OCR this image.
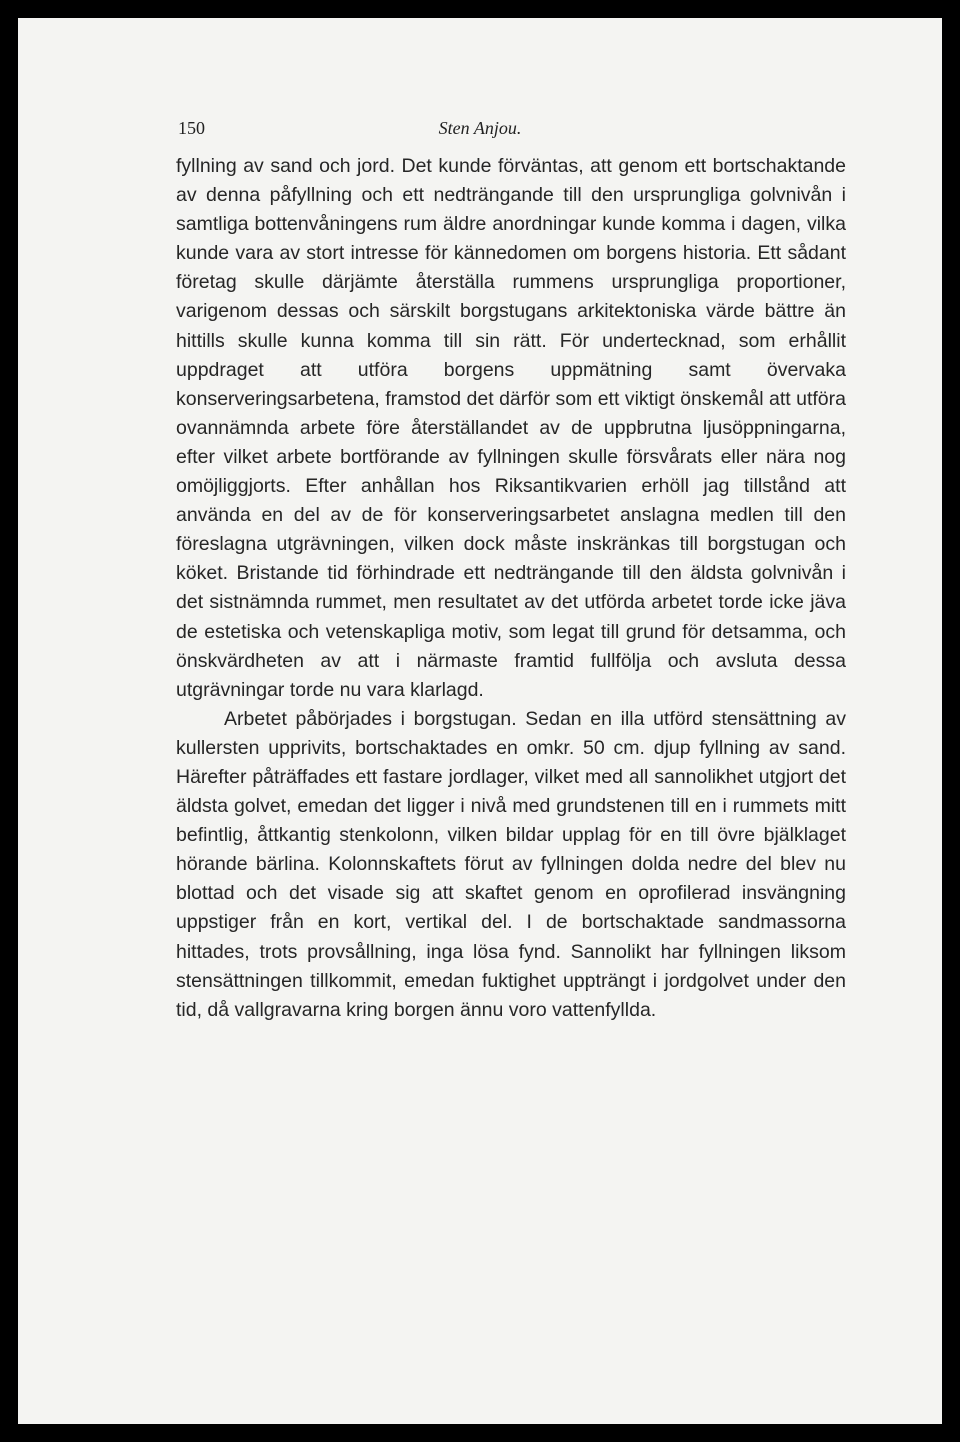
150	Sten Anjou.

fyllning av sand och jord. Det kunde förväntas, att genom ett bortschaktande av denna påfyllning och ett nedträngande till den ursprungliga golvnivån i samtliga bottenvåningens rum äldre anordningar kunde komma i dagen, vilka kunde vara av stort intresse för kännedomen om borgens historia. Ett sådant företag skulle därjämte återställa rummens ursprungliga proportioner, varigenom dessas och särskilt borgstugans arkitektoniska värde bättre än hittills skulle kunna komma till sin rätt. För undertecknad, som erhållit uppdraget att utföra borgens uppmätning samt övervaka konserveringsarbetena, framstod det därför som ett viktigt önskemål att utföra ovannämnda arbete före återställandet av de uppbrutna ljusöppningarna, efter vilket arbete bortförande av fyllningen skulle försvårats eller nära nog omöjliggjorts. Efter anhållan hos Riksantikvarien erhöll jag tillstånd att använda en del av de för konserveringsarbetet anslagna medlen till den föreslagna utgrävningen, vilken dock måste inskränkas till borgstugan och köket. Bristande tid förhindrade ett nedträngande till den äldsta golvnivån i det sistnämnda rummet, men resultatet av det utförda arbetet torde icke jäva de estetiska och vetenskapliga motiv, som legat till grund för detsamma, och önskvärdheten av att i närmaste framtid fullfölja och avsluta dessa utgrävningar torde nu vara klarlagd.

Arbetet påbörjades i borgstugan. Sedan en illa utförd stensättning av kullersten upprivits, bortschaktades en omkr. 50 cm. djup fyllning av sand. Härefter påträffades ett fastare jordlager, vilket med all sannolikhet utgjort det äldsta golvet, emedan det ligger i nivå med grundstenen till en i rummets mitt befintlig, åttkantig stenkolonn, vilken bildar upplag för en till övre bjälklaget hörande bärlina. Kolonnskaftets förut av fyllningen dolda nedre del blev nu blottad och det visade sig att skaftet genom en oprofilerad insvängning uppstiger från en kort, vertikal del. I de bortschaktade sandmassorna hittades, trots provsållning, inga lösa fynd. Sannolikt har fyllningen liksom stensättningen tillkommit, emedan fuktighet uppträngt i jordgolvet under den tid, då vallgravarna kring borgen ännu voro vattenfyllda.
